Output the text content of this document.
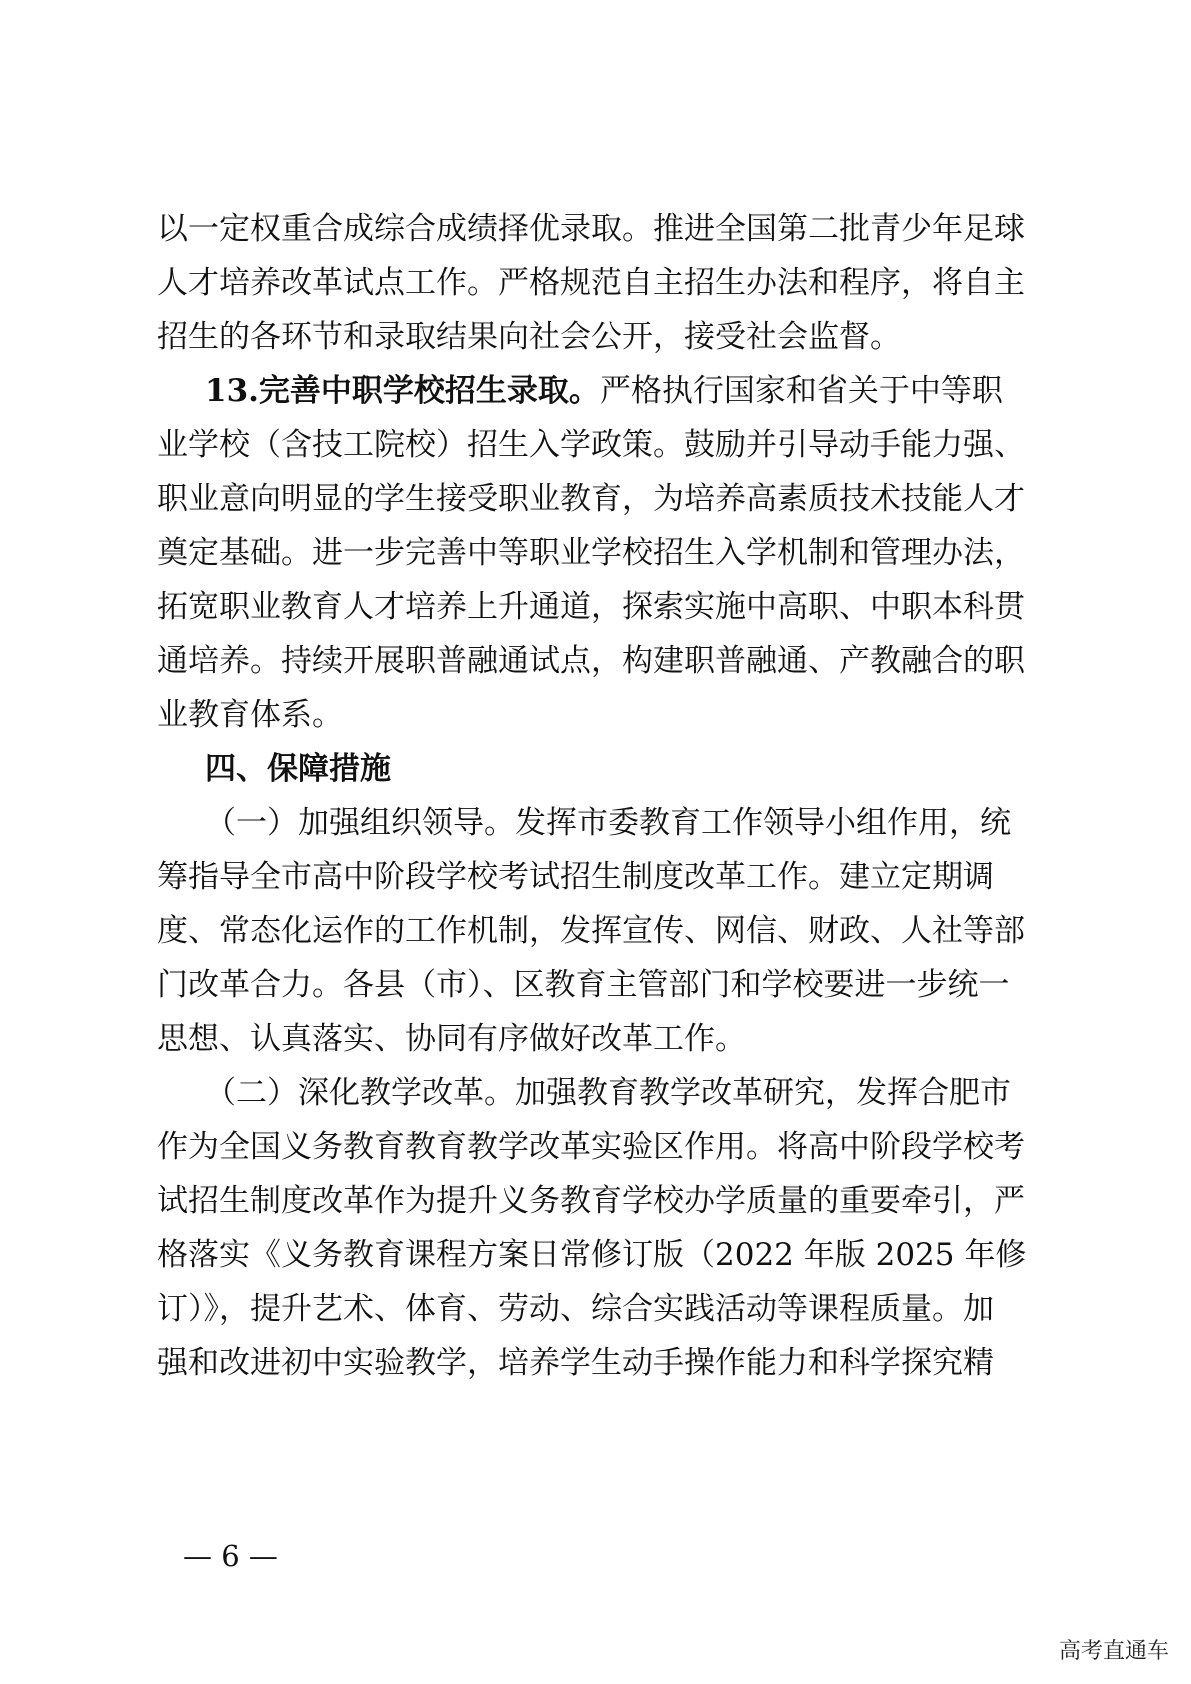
以一定权重合成综合成绩择优录取。推进全国第二批青少年足球
人才培养改革试点工作。严格规范自主招生办法和程序，将自主
招生的各环节和录取结果向社会公开，接受社会监督。
13.完善中职学校招生录取。严格执行国家和省关于中等职
业学校（含技工院校）招生入学政策。鼓励并引导动手能力强、
职业意向明显的学生接受职业教育，为培养高素质技术技能人才
奠定基础。进一步完善中等职业学校招生入学机制和管理办法，
拓宽职业教育人才培养上升通道，探索实施中高职、中职本科贯
通培养。持续开展职普融通试点，构建职普融通、产教融合的职
业教育体系。
四、保障措施
（一）加强组织领导。发挥市委教育工作领导小组作用，统
筹指导全市高中阶段学校考试招生制度改革工作。建立定期调
度、常态化运作的工作机制，发挥宣传、网信、财政、人社等部
门改革合力。各县（市）、区教育主管部门和学校要进一步统一
思想、认真落实、协同有序做好改革工作。
（二）深化教学改革。加强教育教学改革研究，发挥合肥市
作为全国义务教育教育教学改革实验区作用。将高中阶段学校考
试招生制度改革作为提升义务教育学校办学质量的重要牵引，严
格落实《义务教育课程方案日常修订版（2022 年版 2025 年修
订）》，提升艺术、体育、劳动、综合实践活动等课程质量。加
强和改进初中实验教学，培养学生动手操作能力和科学探究精
— 6 —
高考直通车
